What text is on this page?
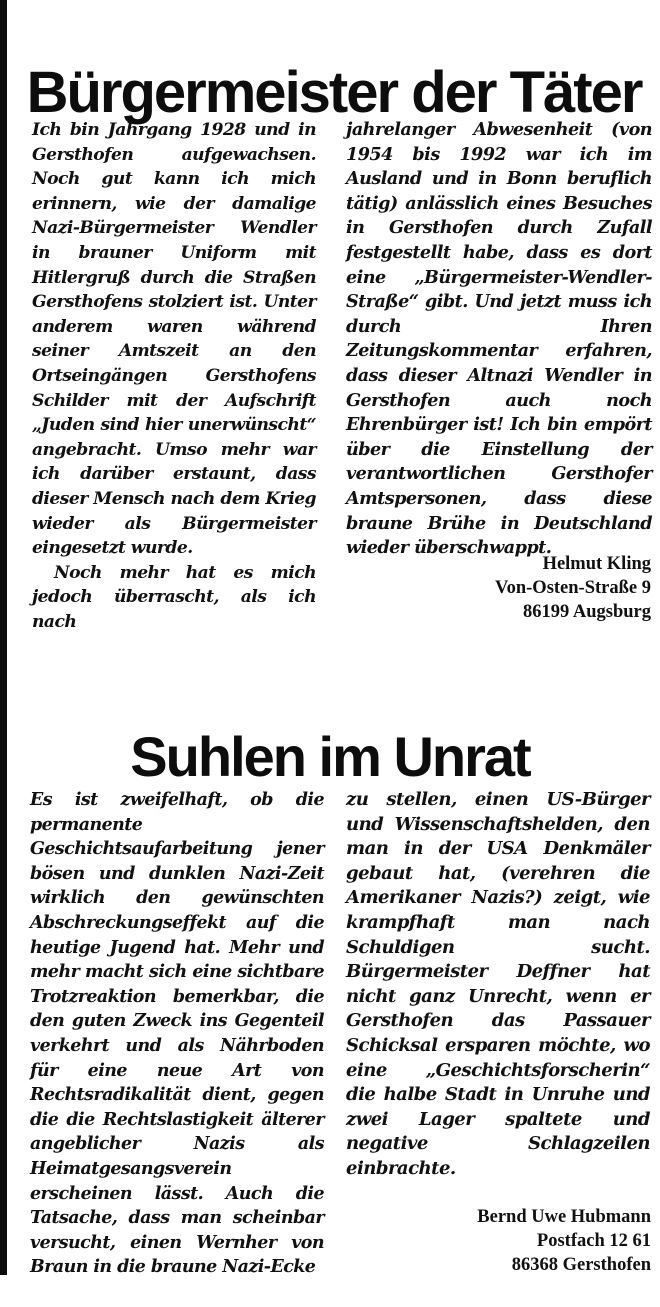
Bürgermeister der Täter

Ich bin Jahrgang 1928 und in Gersthofen aufgewachsen. Noch gut kann ich mich erinnern, wie der damalige Nazi-Bürgermeister Wendler in brauner Uniform mit Hitlergruß durch die Straßen Gersthofens stolziert ist. Unter anderem waren während seiner Amtszeit an den Ortseingängen Gersthofens Schilder mit der Aufschrift „Juden sind hier unerwünscht“ angebracht. Umso mehr war ich darüber erstaunt, dass dieser Mensch nach dem Krieg wieder als Bürgermeister eingesetzt wurde.

Noch mehr hat es mich jedoch überrascht, als ich nach

jahrelanger Abwesenheit (von 1954 bis 1992 war ich im Ausland und in Bonn beruflich tätig) anlässlich eines Besuches in Gersthofen durch Zufall festgestellt habe, dass es dort eine „Bürgermeister-Wendler-Straße“ gibt. Und jetzt muss ich durch Ihren Zeitungskommentar erfahren, dass dieser Altnazi Wendler in Gersthofen auch noch Ehrenbürger ist! Ich bin empört über die Einstellung der verantwortlichen Gersthofer Amtspersonen, dass diese braune Brühe in Deutschland wieder überschwappt.

Helmut Kling
Von-Osten-Straße 9
86199 Augsburg
Suhlen im Unrat

Es ist zweifelhaft, ob die permanente Geschichtsaufarbeitung jener bösen und dunklen Nazi-Zeit wirklich den gewünschten Abschreckungseffekt auf die heutige Jugend hat. Mehr und mehr macht sich eine sichtbare Trotzreaktion bemerkbar, die den guten Zweck ins Gegenteil verkehrt und als Nährboden für eine neue Art von Rechtsradikalität dient, gegen die die Rechtslastigkeit älterer angeblicher Nazis als Heimatgesangsverein erscheinen lässt. Auch die Tatsache, dass man scheinbar versucht, einen Wernher von Braun in die braune Nazi-Ecke

zu stellen, einen US-Bürger und Wissenschaftshelden, den man in der USA Denkmäler gebaut hat, (verehren die Amerikaner Nazis?) zeigt, wie krampfhaft man nach Schuldigen sucht. Bürgermeister Deffner hat nicht ganz Unrecht, wenn er Gersthofen das Passauer Schicksal ersparen möchte, wo eine „Geschichtsforscherin“ die halbe Stadt in Unruhe und zwei Lager spaltete und negative Schlagzeilen einbrachte.

Bernd Uwe Hubmann
Postfach 12 61
86368 Gersthofen
